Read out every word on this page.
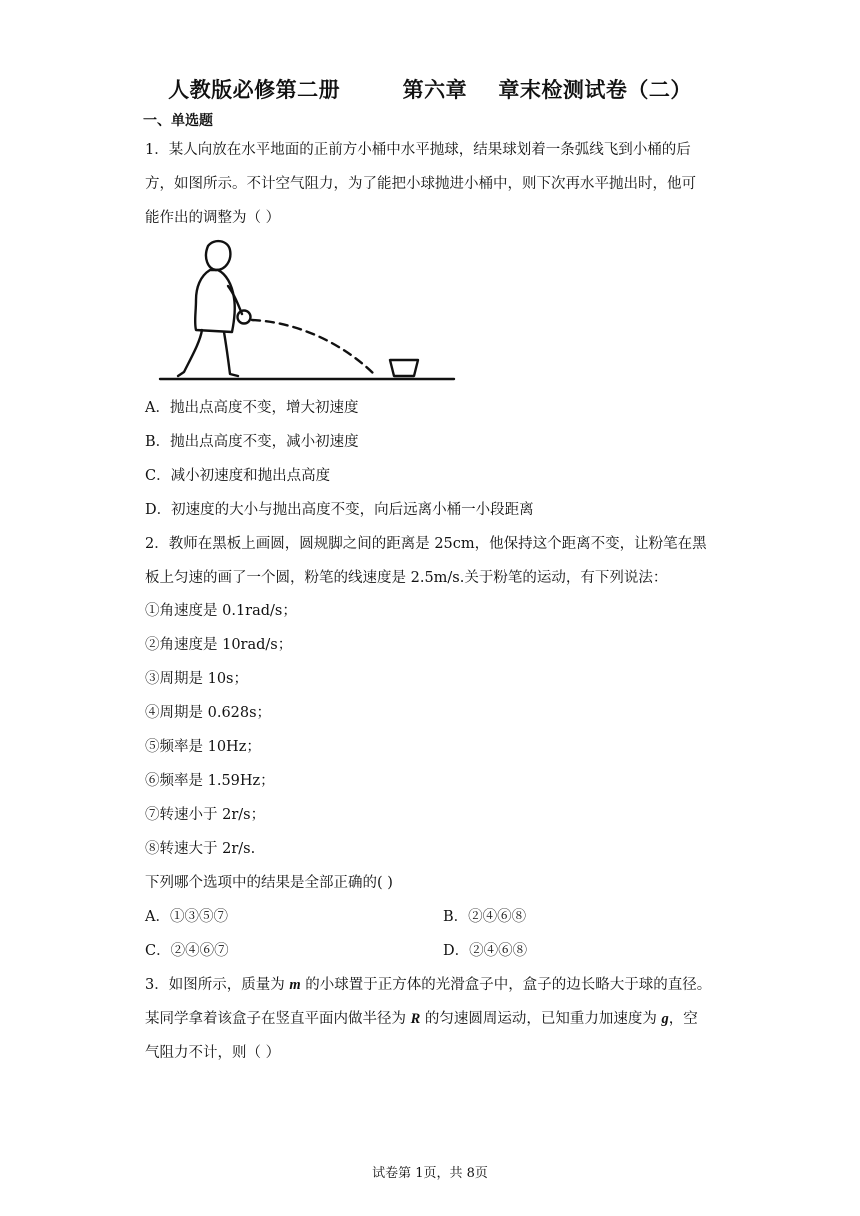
人教版必修第二册        第六章    章末检测试卷（二）
一、单选题
1．某人向放在水平地面的正前方小桶中水平抛球，结果球划着一条弧线飞到小桶的后
方，如图所示。不计空气阻力，为了能把小球抛进小桶中，则下次再水平抛出时，他可
能作出的调整为（ ）
A．抛出点高度不变，增大初速度
B．抛出点高度不变，减小初速度
C．减小初速度和抛出点高度
D．初速度的大小与抛出高度不变，向后远离小桶一小段距离
2．教师在黑板上画圆，圆规脚之间的距离是 25cm，他保持这个距离不变，让粉笔在黑
板上匀速的画了一个圆，粉笔的线速度是 2.5m/s.关于粉笔的运动，有下列说法：
①角速度是 0.1rad/s；
②角速度是 10rad/s；
③周期是 10s；
④周期是 0.628s；
⑤频率是 10Hz；
⑥频率是 1.59Hz；
⑦转速小于 2r/s；
⑧转速大于 2r/s.
下列哪个选项中的结果是全部正确的( )
A．①③⑤⑦	B．②④⑥⑧
C．②④⑥⑦	D．②④⑥⑧
3．如图所示，质量为 m 的小球置于正方体的光滑盒子中，盒子的边长略大于球的直径。
某同学拿着该盒子在竖直平面内做半径为 R 的匀速圆周运动，已知重力加速度为 g，空
气阻力不计，则（ ）
试卷第 1页，共 8页
